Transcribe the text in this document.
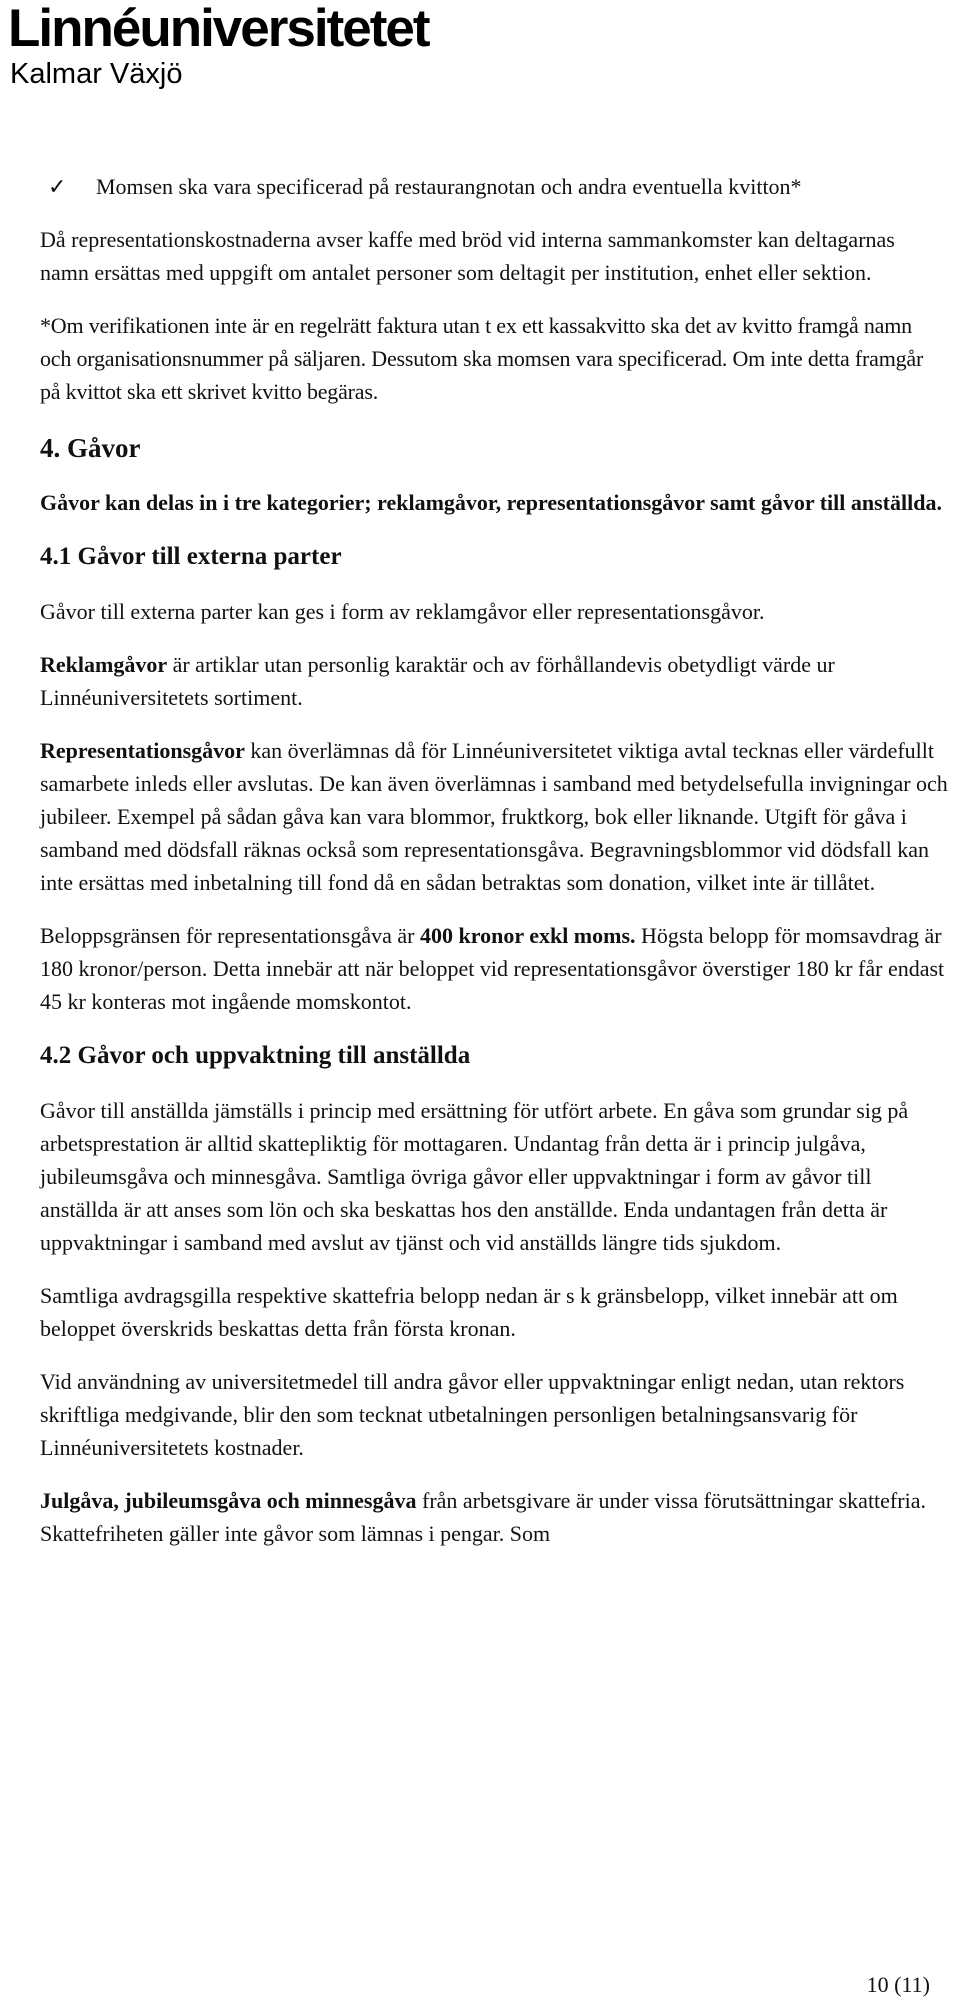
Linnéuniversitetet
Kalmar Växjö
✓	Momsen ska vara specificerad på restaurangnotan och andra eventuella kvitton*

Då representationskostnaderna avser kaffe med bröd vid interna sammankomster kan deltagarnas namn ersättas med uppgift om antalet personer som deltagit per institution, enhet eller sektion.

*Om verifikationen inte är en regelrätt faktura utan t ex ett kassakvitto ska det av kvitto framgå namn och organisationsnummer på säljaren. Dessutom ska momsen vara specificerad. Om inte detta framgår på kvittot ska ett skrivet kvitto begäras.

4. Gåvor

Gåvor kan delas in i tre kategorier; reklamgåvor, representationsgåvor samt gåvor till anställda.

4.1 Gåvor till externa parter

Gåvor till externa parter kan ges i form av reklamgåvor eller representationsgåvor.

Reklamgåvor är artiklar utan personlig karaktär och av förhållandevis obetydligt värde ur Linnéuniversitetets sortiment.

Representationsgåvor kan överlämnas då för Linnéuniversitetet viktiga avtal tecknas eller värdefullt samarbete inleds eller avslutas. De kan även överlämnas i samband med betydelsefulla invigningar och jubileer. Exempel på sådan gåva kan vara blommor, fruktkorg, bok eller liknande. Utgift för gåva i samband med dödsfall räknas också som representationsgåva. Begravningsblommor vid dödsfall kan inte ersättas med inbetalning till fond då en sådan betraktas som donation, vilket inte är tillåtet.

Beloppsgränsen för representationsgåva är 400 kronor exkl moms. Högsta belopp för momsavdrag är 180 kronor/person. Detta innebär att när beloppet vid representationsgåvor överstiger 180 kr får endast 45 kr konteras mot ingående momskontot.

4.2 Gåvor och uppvaktning till anställda

Gåvor till anställda jämställs i princip med ersättning för utfört arbete. En gåva som grundar sig på arbetsprestation är alltid skattepliktig för mottagaren. Undantag från detta är i princip julgåva, jubileumsgåva och minnesgåva. Samtliga övriga gåvor eller uppvaktningar i form av gåvor till anställda är att anses som lön och ska beskattas hos den anställde. Enda undantagen från detta är uppvaktningar i samband med avslut av tjänst och vid anställds längre tids sjukdom.

Samtliga avdragsgilla respektive skattefria belopp nedan är s k gränsbelopp, vilket innebär att om beloppet överskrids beskattas detta från första kronan.

Vid användning av universitetmedel till andra gåvor eller uppvaktningar enligt nedan, utan rektors skriftliga medgivande, blir den som tecknat utbetalningen personligen betalningsansvarig för Linnéuniversitetets kostnader.

Julgåva, jubileumsgåva och minnesgåva från arbetsgivare är under vissa förutsättningar skattefria. Skattefriheten gäller inte gåvor som lämnas i pengar. Som

10 (11)
